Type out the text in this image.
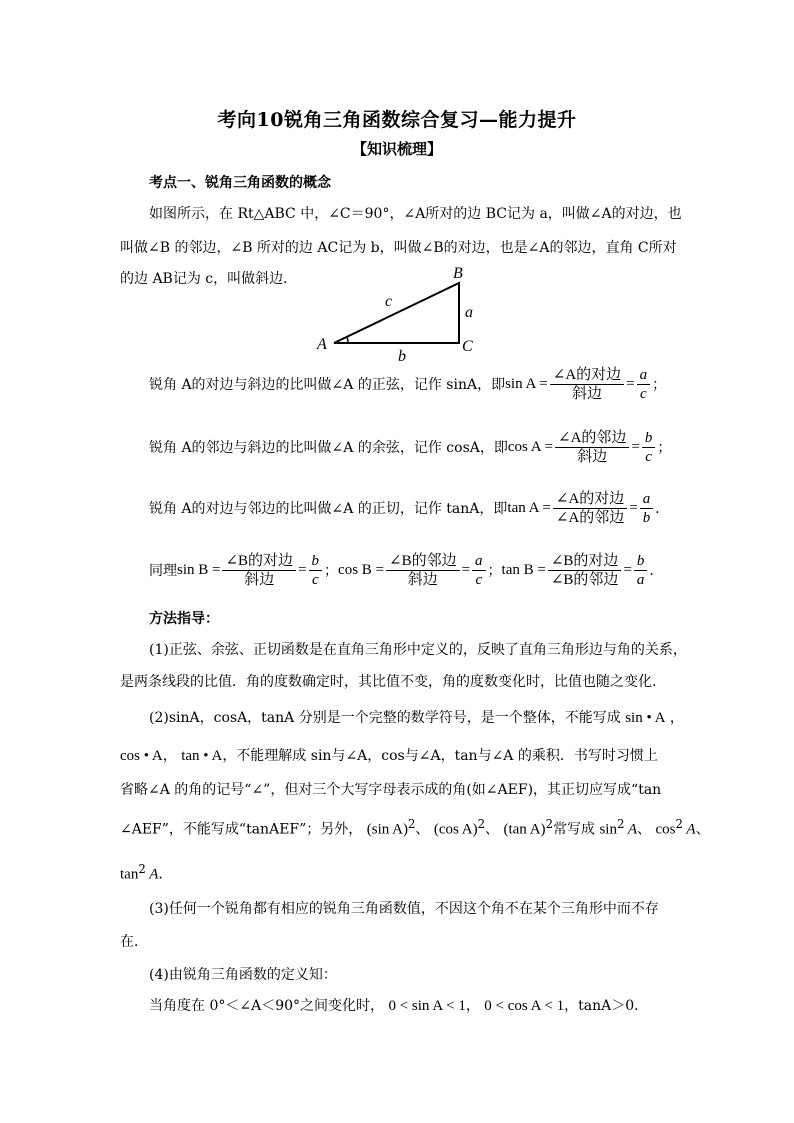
考向10锐角三角函数综合复习—能力提升
【知识梳理】
考点一、锐角三角函数的概念
如图所示，在 Rt△ABC 中，∠C＝90°，∠A所对的边 BC记为 a，叫做∠A的对边，也
叫做∠B 的邻边，∠B 所对的边 AC记为 b，叫做∠B的对边，也是∠A的邻边，直角 C所对
的边 AB记为 c，叫做斜边．
A
B
C
c
a
b
锐角 A的对边与斜边的比叫做∠A 的正弦，记作 sinA，即 $\sin A = \frac{\text{∠A的对边}}{\text{斜边}} = \frac{a}{c}$ ；
锐角 A的邻边与斜边的比叫做∠A 的余弦，记作 cosA，即 $\cos A = \frac{\text{∠A的邻边}}{\text{斜边}} = \frac{b}{c}$ ；
锐角 A的对边与邻边的比叫做∠A 的正切，记作 tanA，即 $\tan A = \frac{\text{∠A的对边}}{\text{∠A的邻边}} = \frac{a}{b}$ ．
同理 $\sin B = \frac{\text{∠B的对边}}{\text{斜边}} = \frac{b}{c}$ ； $\cos B = \frac{\text{∠B的邻边}}{\text{斜边}} = \frac{a}{c}$ ； $\tan B = \frac{\text{∠B的对边}}{\text{∠B的邻边}} = \frac{b}{a}$ ．
方法指导：
(1)正弦、余弦、正切函数是在直角三角形中定义的，反映了直角三角形边与角的关系，
是两条线段的比值．角的度数确定时，其比值不变，角的度数变化时，比值也随之变化．
(2)sinA，cosA，tanA 分别是一个完整的数学符号，是一个整体，不能写成 sin • A ，
cos • A， tan • A，不能理解成 sin与∠A，cos与∠A，tan与∠A 的乘积．书写时习惯上
省略∠A 的角的记号“∠”，但对三个大写字母表示成的角(如∠AEF)，其正切应写成“tan
∠AEF”，不能写成“tanAEF”；另外， (sin A)$^2$、 (cos A)$^2$、 (tan A)$^2$常写成 $\sin^2 A$、 $\cos^2 A$、
$\tan^2 A$．
(3)任何一个锐角都有相应的锐角三角函数值，不因这个角不在某个三角形中而不存
在．
(4)由锐角三角函数的定义知：
当角度在 0°＜∠A＜90°之间变化时， 0 < sin A < 1， 0 < cos A < 1，tanA＞0．
